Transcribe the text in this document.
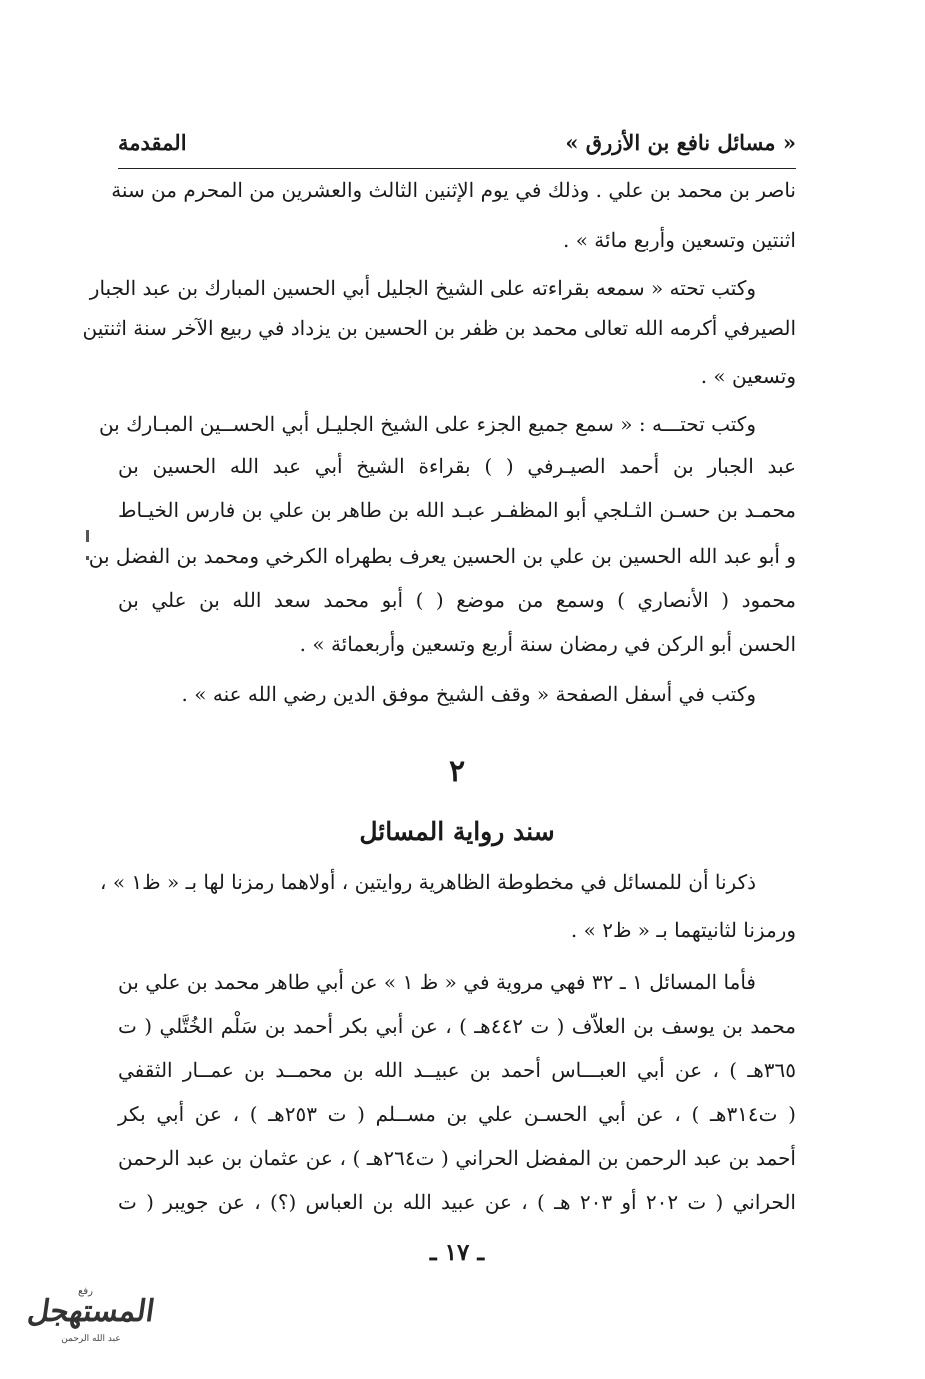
« مسائل نافع بن الأزرق »
المقدمة
ناصر بن محمد بن علي . وذلك في يوم الإثنين الثالث والعشرين من المحرم من سنة
اثنتين وتسعين وأربع مائة » .
وكتب تحته « سمعه بقراءته على الشيخ الجليل أبي الحسين المبارك بن عبد الجبار
الصيرفي أكرمه الله تعالى محمد بن ظفر بن الحسين بن يزداد في ربيع الآخر سنة اثنتين
وتسعين » .
وكتب تحتـــه : « سمع جميع الجزء على الشيخ الجليـل أبي الحســين المبـارك بن
عبد الجبار بن أحمد الصيـرفي ( ) بقراءة الشيخ أبي عبد الله الحسين بن
محمـد بن حسـن الثـلجي أبو المظفـر عبـد الله بن طاهر بن علي بن فارس الخيـاط
و أبو عبد الله الحسين بن علي بن الحسين يعرف بطهراه الكرخي ومحمد بن الفضل بن
محمود ( الأنصاري ) وسمع من موضع ( ) أبو محمد سعد الله بن علي بن
الحسن أبو الركن في رمضان سنة أربع وتسعين وأربعمائة » .
وكتب في أسفل الصفحة « وقف الشيخ موفق الدين رضي الله عنه » .
٢
سند رواية المسائل
ذكرنا أن للمسائل في مخطوطة الظاهرية روايتين ، أولاهما رمزنا لها بـ « ظ١ » ،
ورمزنا لثانيتهما بـ « ظ٢ » .
فأما المسائل ١ ـ ٣٢ فهي مروية في « ظ ١ » عن أبي طاهر محمد بن علي بن
محمد بن يوسف بن العلاّف ( ت ٤٤٢هـ ) ، عن أبي بكر أحمد بن سَلْم الخُتَّلي ( ت
٣٦٥هـ ) ، عن أبي العبـــاس أحمد بن عبيــد الله بن محمــد بن عمــار الثقفي
( ت٣١٤هـ ) ، عن أبي الحسـن علي بن مســلم ( ت ٢٥٣هـ ) ، عن أبي بكر
أحمد بن عبد الرحمن بن المفضل الحراني ( ت٢٦٤هـ ) ، عن عثمان بن عبد الرحمن
الحراني ( ت ٢٠٢ أو ٢٠٣ هـ ) ، عن عبيد الله بن العباس (؟) ، عن جويبر ( ت
ـ ١٧ ـ
رفع
المستهجل
عبد الله الرحمن
